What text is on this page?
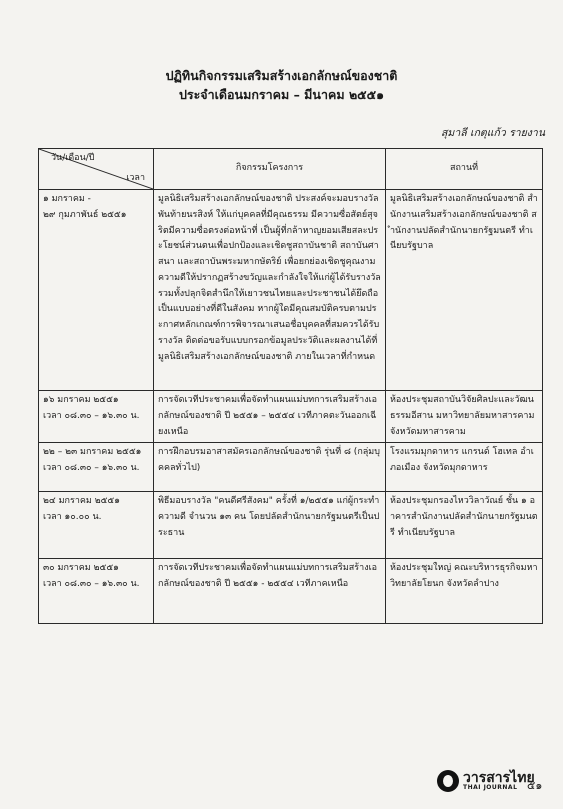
ปฏิทินกิจกรรมเสริมสร้างเอกลักษณ์ของชาติ
ประจำเดือนมกราคม – มีนาคม ๒๕๕๑
สุมาลี เกตุแก้ว รายงาน
วัน/เดือน/ปี
เวลา	กิจกรรมโครงการ	สถานที่
๑ มกราคม -
๒๙ กุมภาพันธ์ ๒๕๕๑	มูลนิธิเสริมสร้างเอกลักษณ์ของชาติ ประสงค์จะมอบรางวัลพันท้ายนรสิงห์ ให้แก่บุคคลที่มีคุณธรรม มีความซื่อสัตย์สุจริตมีความซื่อตรงต่อหน้าที่ เป็นผู้ที่กล้าหาญยอมเสียสละประโยชน์ส่วนตนเพื่อปกป้องและเชิดชูสถาบันชาติ สถาบันศาสนา และสถาบันพระมหากษัตริย์ เพื่อยกย่องเชิดชูคุณงามความดีให้ปรากฏสร้างขวัญและกำลังใจให้แก่ผู้ได้รับรางวัล รวมทั้งปลุกจิตสำนึกให้เยาวชนไทยและประชาชนได้ยึดถือเป็นแบบอย่างที่ดีในสังคม หากผู้ใดมีคุณสมบัติครบตามประกาศหลักเกณฑ์การพิจารณาเสนอชื่อบุคคลที่สมควรได้รับรางวัล ติดต่อขอรับแบบกรอกข้อมูลประวัติและผลงานได้ที่มูลนิธิเสริมสร้างเอกลักษณ์ของชาติ ภายในเวลาที่กำหนด	มูลนิธิเสริมสร้างเอกลักษณ์ของชาติ สำนักงานเสริมสร้างเอกลักษณ์ของชาติ สำนักงานปลัดสำนักนายกรัฐมนตรี ทำเนียบรัฐบาล
๑๖ มกราคม ๒๕๕๑
เวลา ๐๘.๓๐ – ๑๖.๓๐ น.	การจัดเวทีประชาคมเพื่อจัดทำแผนแม่บทการเสริมสร้างเอกลักษณ์ของชาติ ปี ๒๕๕๑ – ๒๕๕๔ เวทีภาคตะวันออกเฉียงเหนือ	ห้องประชุมสถาบันวิจัยศิลปะและวัฒนธรรมอีสาน มหาวิทยาลัยมหาสารคาม จังหวัดมหาสารคาม
๒๒ – ๒๓ มกราคม ๒๕๕๑
เวลา ๐๘.๓๐ – ๑๖.๓๐ น.	การฝึกอบรมอาสาสมัครเอกลักษณ์ของชาติ รุ่นที่ ๘ (กลุ่มบุคคลทั่วไป)	โรงแรมมุกดาหาร แกรนด์ โฮเทล อำเภอเมือง จังหวัดมุกดาหาร
๒๔ มกราคม ๒๕๕๑
เวลา ๑๐.๐๐ น.	พิธีมอบรางวัล "คนดีศรีสังคม" ครั้งที่ ๑/๒๕๕๑ แก่ผู้กระทำความดี จำนวน ๑๓ คน โดยปลัดสำนักนายกรัฐมนตรีเป็นประธาน	ห้องประชุมกรองไหววิลาวัณย์ ชั้น ๑ อาคารสำนักงานปลัดสำนักนายกรัฐมนตรี ทำเนียบรัฐบาล
๓๐ มกราคม ๒๕๕๑
เวลา ๐๘.๓๐ – ๑๖.๓๐ น.	การจัดเวทีประชาคมเพื่อจัดทำแผนแม่บทการเสริมสร้างเอกลักษณ์ของชาติ ปี ๒๕๕๑ - ๒๕๕๔ เวทีภาคเหนือ	ห้องประชุมใหญ่ คณะบริหารธุรกิจมหาวิทยาลัยโยนก จังหวัดลำปาง
วารสารไทย
THAI JOURNAL ๕๑
